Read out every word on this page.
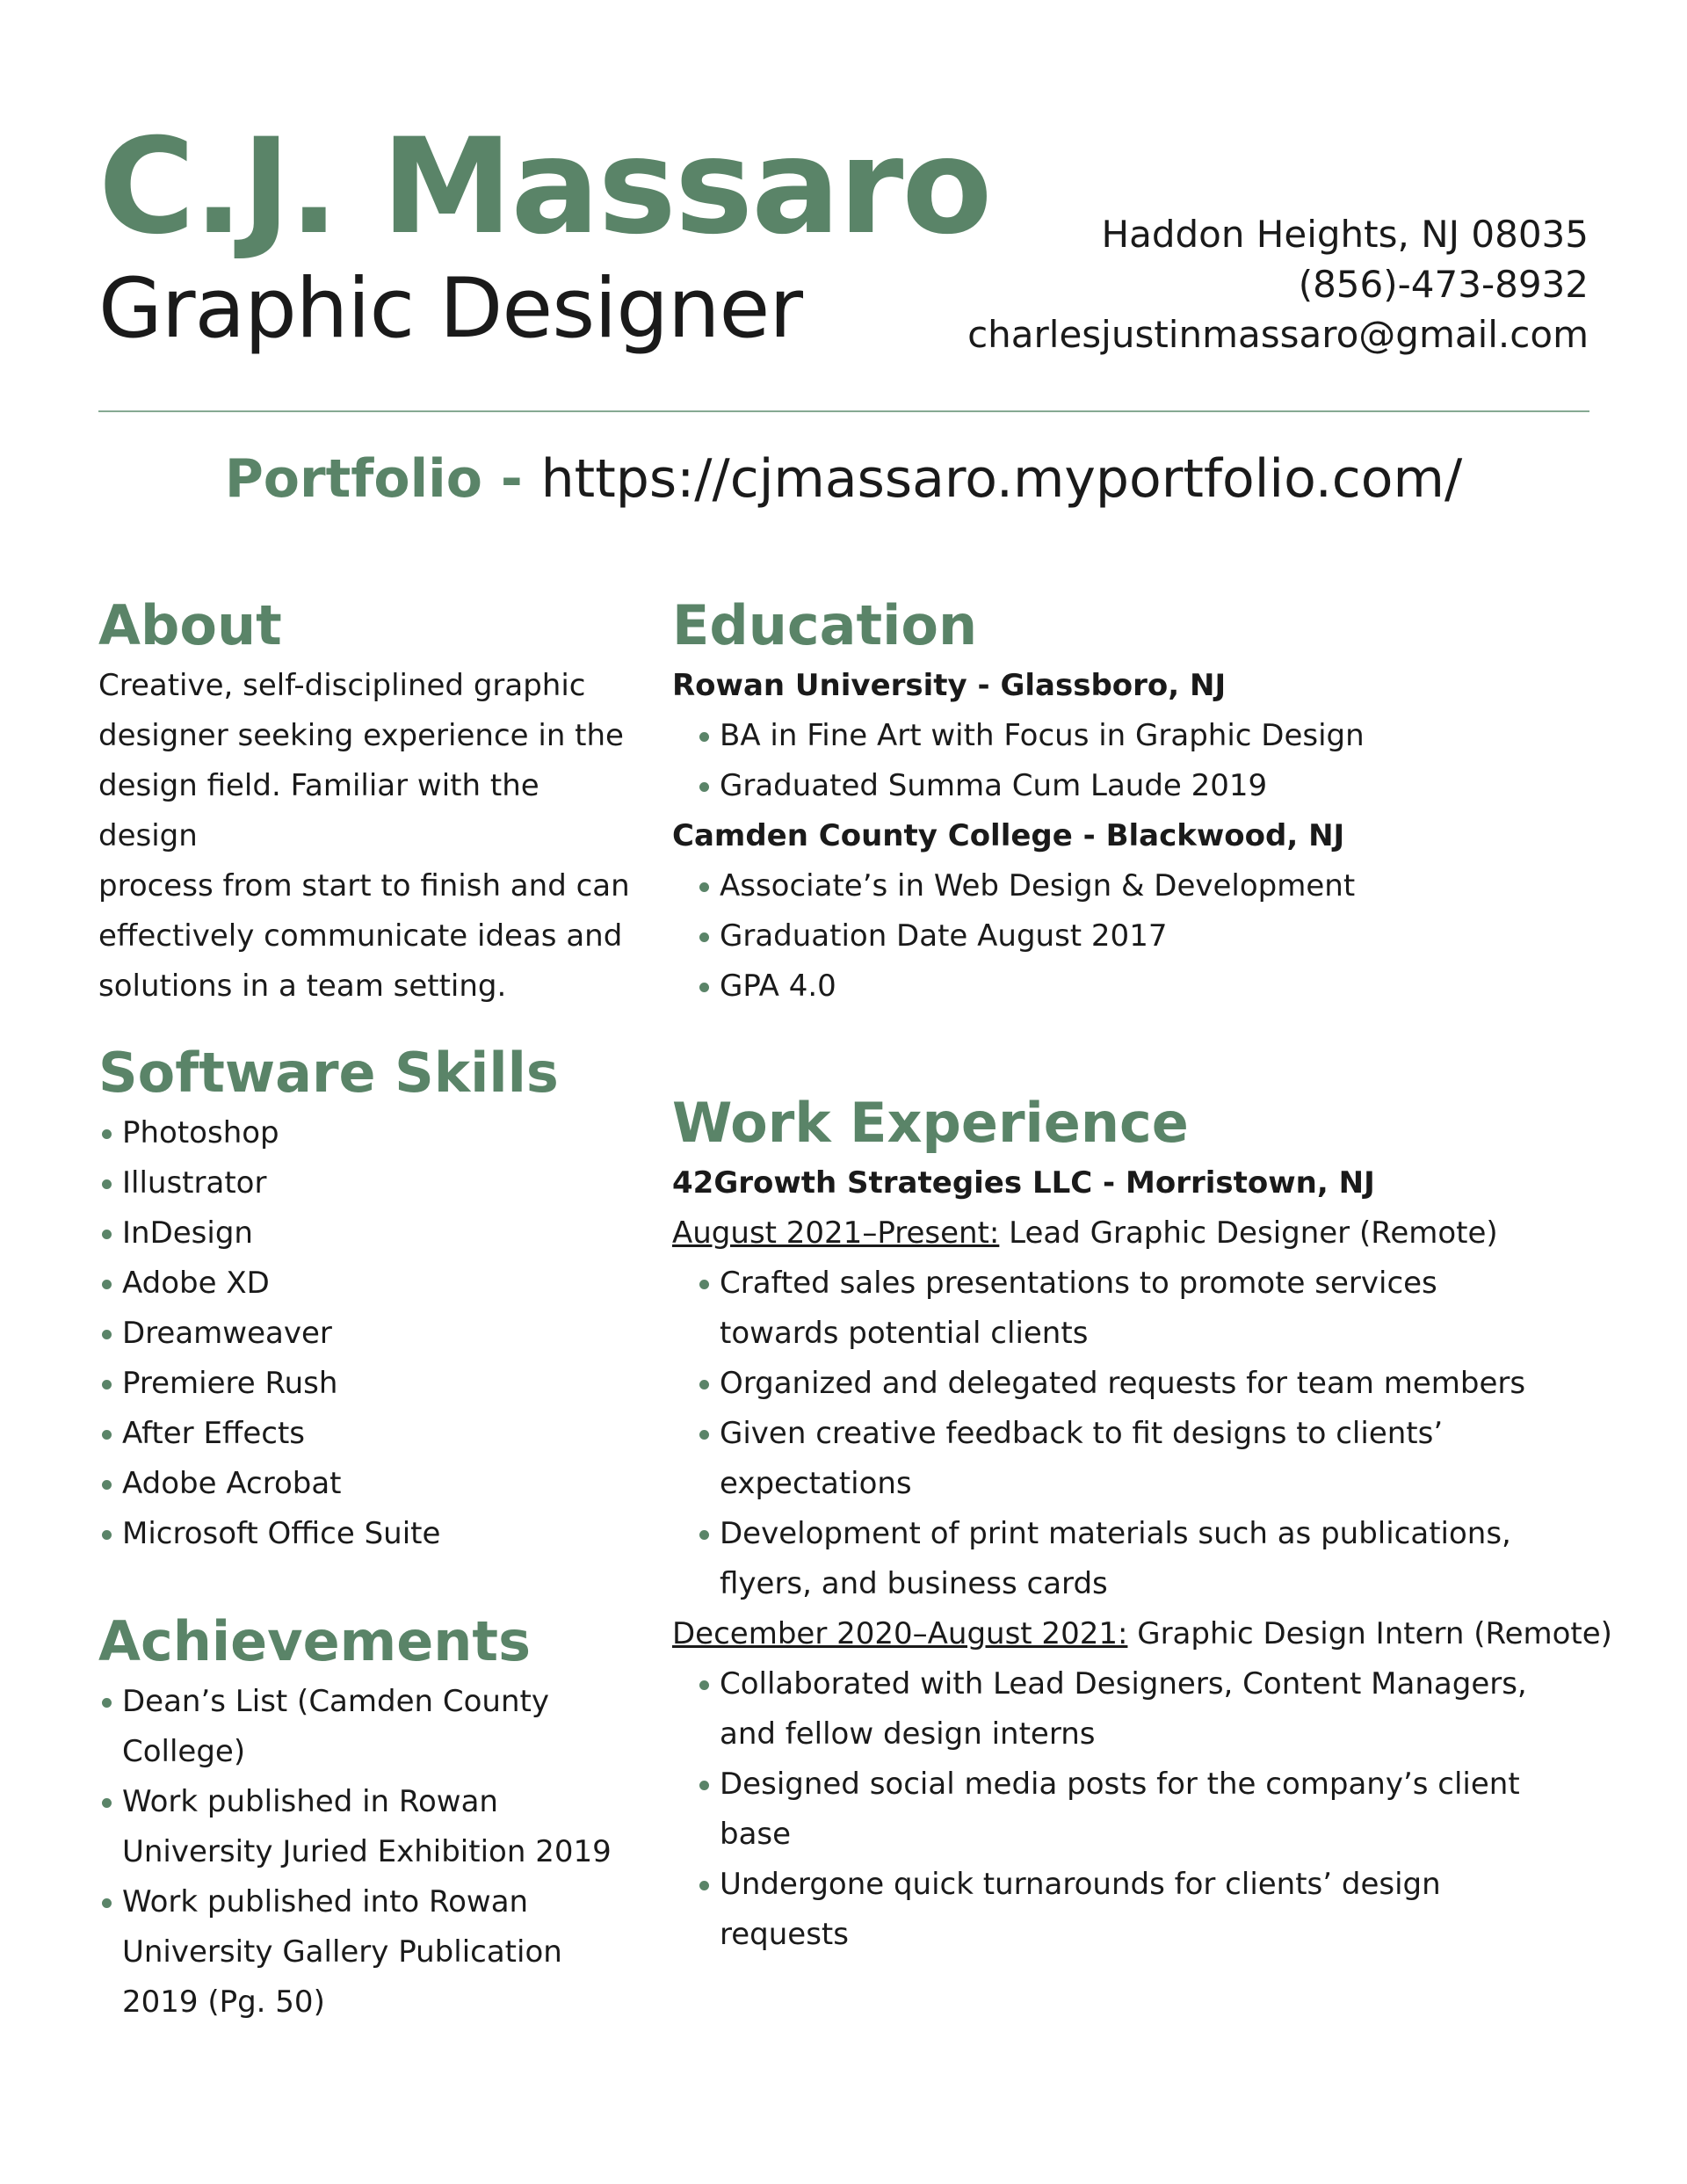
C.J. Massaro
Graphic Designer
Haddon Heights, NJ 08035
(856)-473-8932
charlesjustinmassaro@gmail.com
Portfolio - https://cjmassaro.myportfolio.com/
About
Creative, self-disciplined graphic
designer seeking experience in the
design field. Familiar with the design
process from start to finish and can
effectively communicate ideas and
solutions in a team setting.
Software Skills
Photoshop
Illustrator
InDesign
Adobe XD
Dreamweaver
Premiere Rush
After Effects
Adobe Acrobat
Microsoft Office Suite
Achievements
Dean’s List (Camden County College)
Work published in Rowan University Juried Exhibition 2019
Work published into Rowan University Gallery Publication 2019 (Pg. 50)
Education
Rowan University - Glassboro, NJ
BA in Fine Art with Focus in Graphic Design
Graduated Summa Cum Laude 2019
Camden County College - Blackwood, NJ
Associate’s in Web Design & Development
Graduation Date August 2017
GPA 4.0
Work Experience
42Growth Strategies LLC - Morristown, NJ
August 2021–Present: Lead Graphic Designer (Remote)
Crafted sales presentations to promote services towards potential clients
Organized and delegated requests for team members
Given creative feedback to fit designs to clients’ expectations
Development of print materials such as publications, flyers, and business cards
December 2020–August 2021: Graphic Design Intern (Remote)
Collaborated with Lead Designers, Content Managers, and fellow design interns
Designed social media posts for the company’s client base
Undergone quick turnarounds for clients’ design requests
